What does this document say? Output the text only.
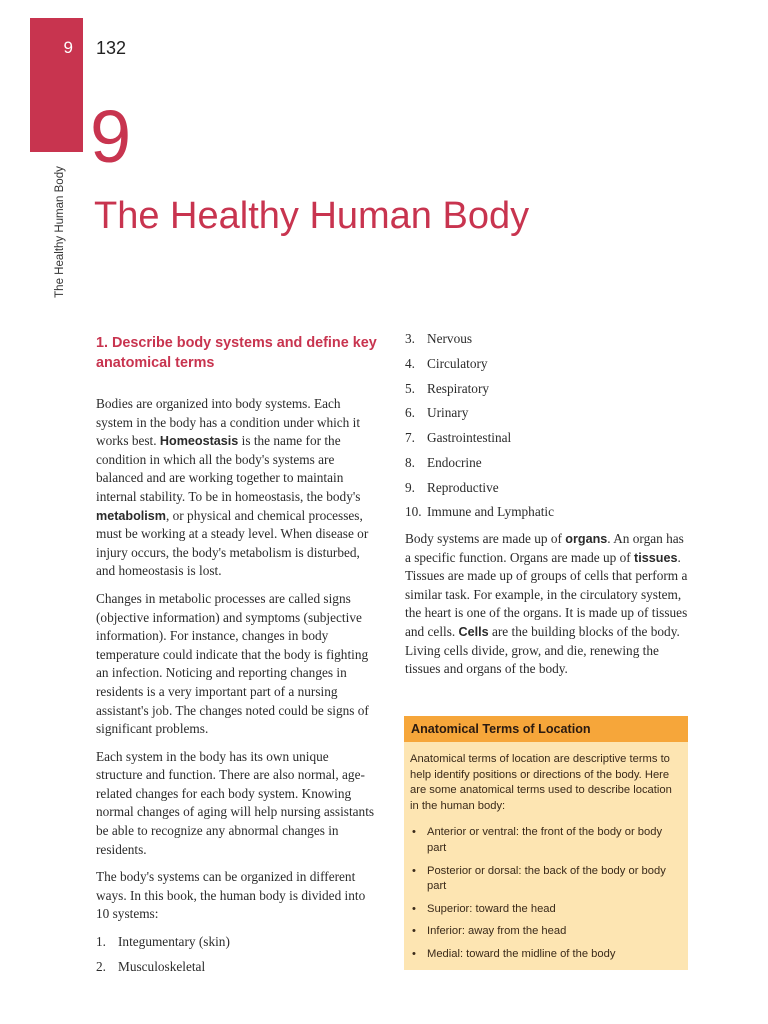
9 132
The Healthy Human Body
9
The Healthy Human Body
1. Describe body systems and define key anatomical terms

Bodies are organized into body systems. Each system in the body has a condition under which it works best. Homeostasis is the name for the condition in which all the body's systems are balanced and are working together to maintain internal stability. To be in homeostasis, the body's metabolism, or physical and chemical processes, must be working at a steady level. When disease or injury occurs, the body's metabolism is disturbed, and homeostasis is lost.

Changes in metabolic processes are called signs (objective information) and symptoms (subjective information). For instance, changes in body temperature could indicate that the body is fighting an infection. Noticing and reporting changes in residents is a very important part of a nursing assistant's job. The changes noted could be signs of significant problems.

Each system in the body has its own unique structure and function. There are also normal, age-related changes for each body system. Knowing normal changes of aging will help nursing assistants be able to recognize any abnormal changes in residents.

The body's systems can be organized in different ways. In this book, the human body is divided into 10 systems:

1. Integumentary (skin)
2. Musculoskeletal
3. Nervous
4. Circulatory
5. Respiratory
6. Urinary
7. Gastrointestinal
8. Endocrine
9. Reproductive
10. Immune and Lymphatic

Body systems are made up of organs. An organ has a specific function. Organs are made up of tissues. Tissues are made up of groups of cells that perform a similar task. For example, in the circulatory system, the heart is one of the organs. It is made up of tissues and cells. Cells are the building blocks of the body. Living cells divide, grow, and die, renewing the tissues and organs of the body.

Anatomical Terms of Location

Anatomical terms of location are descriptive terms to help identify positions or directions of the body. Here are some anatomical terms used to describe location in the human body:

• Anterior or ventral: the front of the body or body part
• Posterior or dorsal: the back of the body or body part
• Superior: toward the head
• Inferior: away from the head
• Medial: toward the midline of the body
